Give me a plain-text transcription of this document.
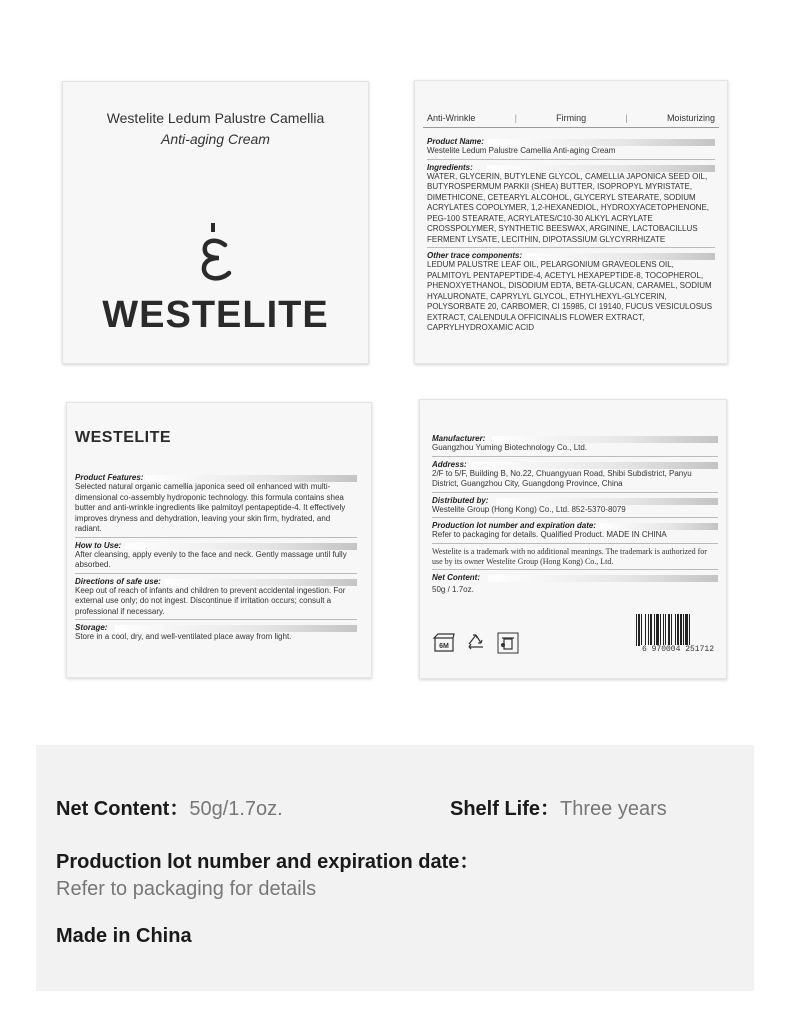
Westelite Ledum Palustre Camellia
Anti-aging Cream
WESTELITE
Anti-Wrinkle	|	Firming	|	Moisturizing
Product Name:
Westelite Ledum Palustre Camellia Anti-aging Cream
Ingredients:
WATER, GLYCERIN, BUTYLENE GLYCOL, CAMELLIA JAPONICA SEED OIL, BUTYROSPERMUM PARKII (SHEA) BUTTER, ISOPROPYL MYRISTATE, DIMETHICONE, CETEARYL ALCOHOL, GLYCERYL STEARATE, SODIUM ACRYLATES COPOLYMER, 1,2-HEXANEDIOL, HYDROXYACETOPHENONE, PEG-100 STEARATE, ACRYLATES/C10-30 ALKYL ACRYLATE CROSSPOLYMER, SYNTHETIC BEESWAX, ARGININE, LACTOBACILLUS FERMENT LYSATE, LECITHIN, DIPOTASSIUM GLYCYRRHIZATE
Other trace components:
LEDUM PALUSTRE LEAF OIL, PELARGONIUM GRAVEOLENS OIL, PALMITOYL PENTAPEPTIDE-4, ACETYL HEXAPEPTIDE-8, TOCOPHEROL, PHENOXYETHANOL, DISODIUM EDTA, BETA-GLUCAN, CARAMEL, SODIUM HYALURONATE, CAPRYLYL GLYCOL, ETHYLHEXYL-GLYCERIN, POLYSORBATE 20, CARBOMER, CI 15985, CI 19140, FUCUS VESICULOSUS EXTRACT, CALENDULA OFFICINALIS FLOWER EXTRACT, CAPRYLHYDROXAMIC ACID
WESTELITE
Product Features:
Selected natural organic camellia japonica seed oil enhanced with multi-dimensional co-assembly hydroponic technology. this formula contains shea butter and anti-wrinkle ingredients like palmitoyl pentapeptide-4. It effectively improves dryness and dehydration, leaving your skin firm, hydrated, and radiant.
How to Use:
After cleansing, apply evenly to the face and neck. Gently massage until fully absorbed.
Directions of safe use:
Keep out of reach of infants and children to prevent accidental ingestion. For external use only; do not ingest. Discontinue if irritation occurs; consult a professional if necessary.
Storage:
Store in a cool, dry, and well-ventilated place away from light.
Manufacturer:
Guangzhou Yuming Biotechnology Co., Ltd.
Address:
2/F to 5/F, Building B, No.22, Chuangyuan Road, Shibi Subdistrict, Panyu District, Guangzhou City, Guangdong Province, China
Distributed by:
Westelite Group (Hong Kong) Co., Ltd. 852-5370-8079
Production lot number and expiration date:
Refer to packaging for details. Qualified Product. MADE IN CHINA
Westelite is a trademark with no additional meanings. The trademark is authorized for use by its owner Westelite Group (Hong Kong) Co., Ltd.
Net Content:
50g / 1.7oz.
6M	6 970004 251712
Net Content：50g/1.7oz.	Shelf Life：Three years
Production lot number and expiration date：
Refer to packaging for details
Made in China
